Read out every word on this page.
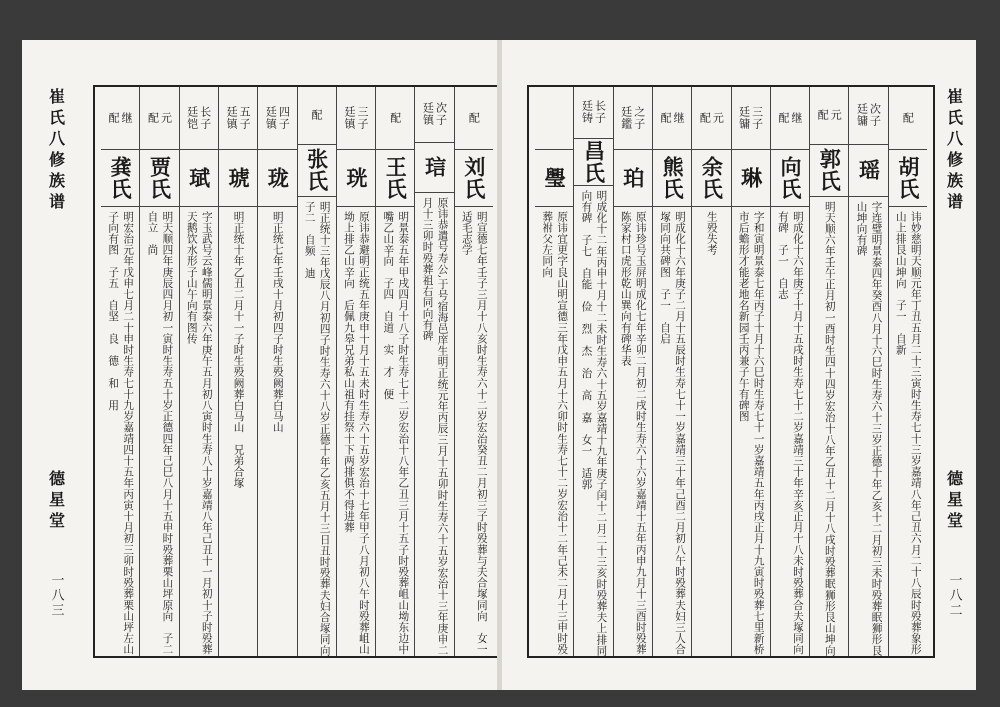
崔
氏
八
修
族
谱
德
星
堂
一八三
配
刘氏
明宣德七年壬子三月十八亥时生寿六十二岁宏治癸丑二月初三子时殁葬与夫合塚同向　女一
适毛志学
次子
廷镇
琂
原讳恭遣号寿公,于号宿海邑庠生明正统元年丙辰三月十五卯时生寿六十五岁宏治十三年庚申二
月十三卯时殁葬祖右同向有碑
配
王氏
明景泰五年甲戌四月十八子时生寿七十二岁宏治十八年乙丑三月十五子时殁葬岨山坳东边中
嘴乙山辛向　子四　自道　实　才　便
三子
廷镇
珖
原讳恭避明正统五年庚申十月十五未时生寿六十五岁宏治十七年甲子八月初八午时殁葬岨山
坳上排乙山辛向　后佩九皋兄弟私山祖有挂祭十下两排俱不得进葬
配
张氏
明正统十三年戊辰八月初四子时生寿六十八岁正德十年乙亥五月十三日丑时殁葬夫妇合塚同向
子二　自频　迪
四子
廷镇
珑
明正统七年壬戌十月初四子时生殁阙葬白马山
五子
廷镇
琥
明正统十年乙丑二月十一子时生殁阙葬白马山　兄弟合塚
长子
廷铠
珷
字玉武号云峰儒明景泰六年庚午五月初八寅时生寿八十岁嘉靖八年己丑十一月初十子时殁葬
天鹅饮水形子山午向有图传
元
配
贾氏
明天顺四年庚辰四月初一寅时生寿五十岁正德四年己巳八月十五申时殁葬栗山坪原向　子二
自立　尚
继
配
龚氏
明宏治元年戊申七月二十申时生寿七十九岁嘉靖四十五年丙寅十月初三卯时殁葬栗山坪左山
子向有图　子五　自坚　良　德　和　用
配
胡氏
讳妙慈明天顺元年丁丑五月二十三寅时生寿七十三岁嘉靖八年己丑六月二十八辰时殁葬象形
山上排艮山坤向　子一　自新
次子
廷镛
瑶
字连璧明景泰四年癸酉八月十六巳时生寿六十三岁正德十年乙亥十二月初三未时殁葬眠狮形艮
山坤向有碑
元
配
郭氏
明天顺六年壬午正月初一酉时生四十四岁宏治十八年乙丑十二月十八戌时殁葬眠狮形艮山坤向
继
配
向氏
明成化十六年庚子十月十五戌时生寿七十二岁嘉靖三十年辛亥正月十八未时殁葬合夫塚同向
有碑　子一　自志
三子
廷镛
琳
字和寅明景泰七年丙子十月十六巳时生寿七十一岁嘉靖五年丙戌正月十九寅时殁葬七里新桥
市后蟾形才能老地名新园壬丙兼子午有碑图
元
配
余氏
生殁失考
继
配
熊氏
明成化十六年庚子二月十五辰时生寿七十一岁嘉靖三十年己酉二月初八午时殁葬夫妇三人合
塚同向共碑图　子一　自启
之子
廷鑑
珀
原讳珍号玉屏明成化七年辛卯二月初二戌时生寿六十六岁嘉靖十五年丙申九月十三酉时殁葬
陈家村口虎形乾山巽向有碑华表
长子
廷铸
昌氏
明成化十二年丙申十月十二未时生寿六十五岁嘉靖十九年庚子闰十二月二十三亥时殁葬夫上排同
向有碑　子七　自能　俭　烈　杰　治　高　嘉　女一　适郭
璺
原讳宜更字良山明宣德三年戊申五月十六卯时生寿七十二岁宏治十二年己未二月十三申时殁
葬祔父左同向
崔
氏
八
修
族
谱
德
星
堂
一八二
